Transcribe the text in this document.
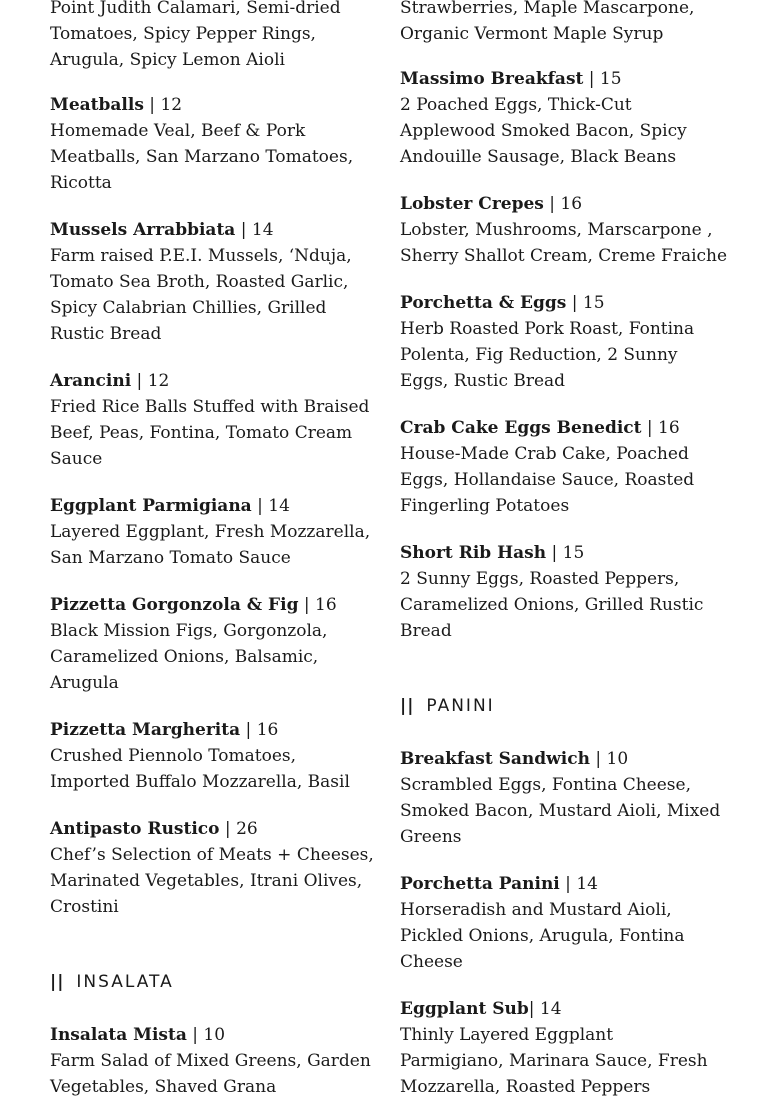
Point Judith Calamari, Semi-dried
Tomatoes, Spicy Pepper Rings,
Arugula, Spicy Lemon Aioli
Meatballs | 12
Homemade Veal, Beef & Pork
Meatballs, San Marzano Tomatoes,
Ricotta
Mussels Arrabbiata | 14
Farm raised P.E.I. Mussels, ‘Nduja,
Tomato Sea Broth, Roasted Garlic,
Spicy Calabrian Chillies, Grilled
Rustic Bread
Arancini | 12
Fried Rice Balls Stuffed with Braised
Beef, Peas, Fontina, Tomato Cream
Sauce
Eggplant Parmigiana | 14
Layered Eggplant, Fresh Mozzarella,
San Marzano Tomato Sauce
Pizzetta Gorgonzola & Fig | 16
Black Mission Figs, Gorgonzola,
Caramelized Onions, Balsamic,
Arugula
Pizzetta Margherita | 16
Crushed Piennolo Tomatoes,
Imported Buffalo Mozzarella, Basil
Antipasto Rustico | 26
Chef’s Selection of Meats + Cheeses,
Marinated Vegetables, Itrani Olives,
Crostini
|| INSALATA
Insalata Mista | 10
Farm Salad of Mixed Greens, Garden
Vegetables, Shaved Grana
Strawberries, Maple Mascarpone,
Organic Vermont Maple Syrup
Massimo Breakfast | 15
2 Poached Eggs, Thick-Cut
Applewood Smoked Bacon, Spicy
Andouille Sausage, Black Beans
Lobster Crepes | 16
Lobster, Mushrooms, Marscarpone ,
Sherry Shallot Cream, Creme Fraiche
Porchetta & Eggs | 15
Herb Roasted Pork Roast, Fontina
Polenta, Fig Reduction, 2 Sunny
Eggs, Rustic Bread
Crab Cake Eggs Benedict | 16
House-Made Crab Cake, Poached
Eggs, Hollandaise Sauce, Roasted
Fingerling Potatoes
Short Rib Hash | 15
2 Sunny Eggs, Roasted Peppers,
Caramelized Onions, Grilled Rustic
Bread
|| PANINI
Breakfast Sandwich | 10
Scrambled Eggs, Fontina Cheese,
Smoked Bacon, Mustard Aioli, Mixed
Greens
Porchetta Panini | 14
Horseradish and Mustard Aioli,
Pickled Onions, Arugula, Fontina
Cheese
Eggplant Sub| 14
Thinly Layered Eggplant
Parmigiano, Marinara Sauce, Fresh
Mozzarella, Roasted Peppers
